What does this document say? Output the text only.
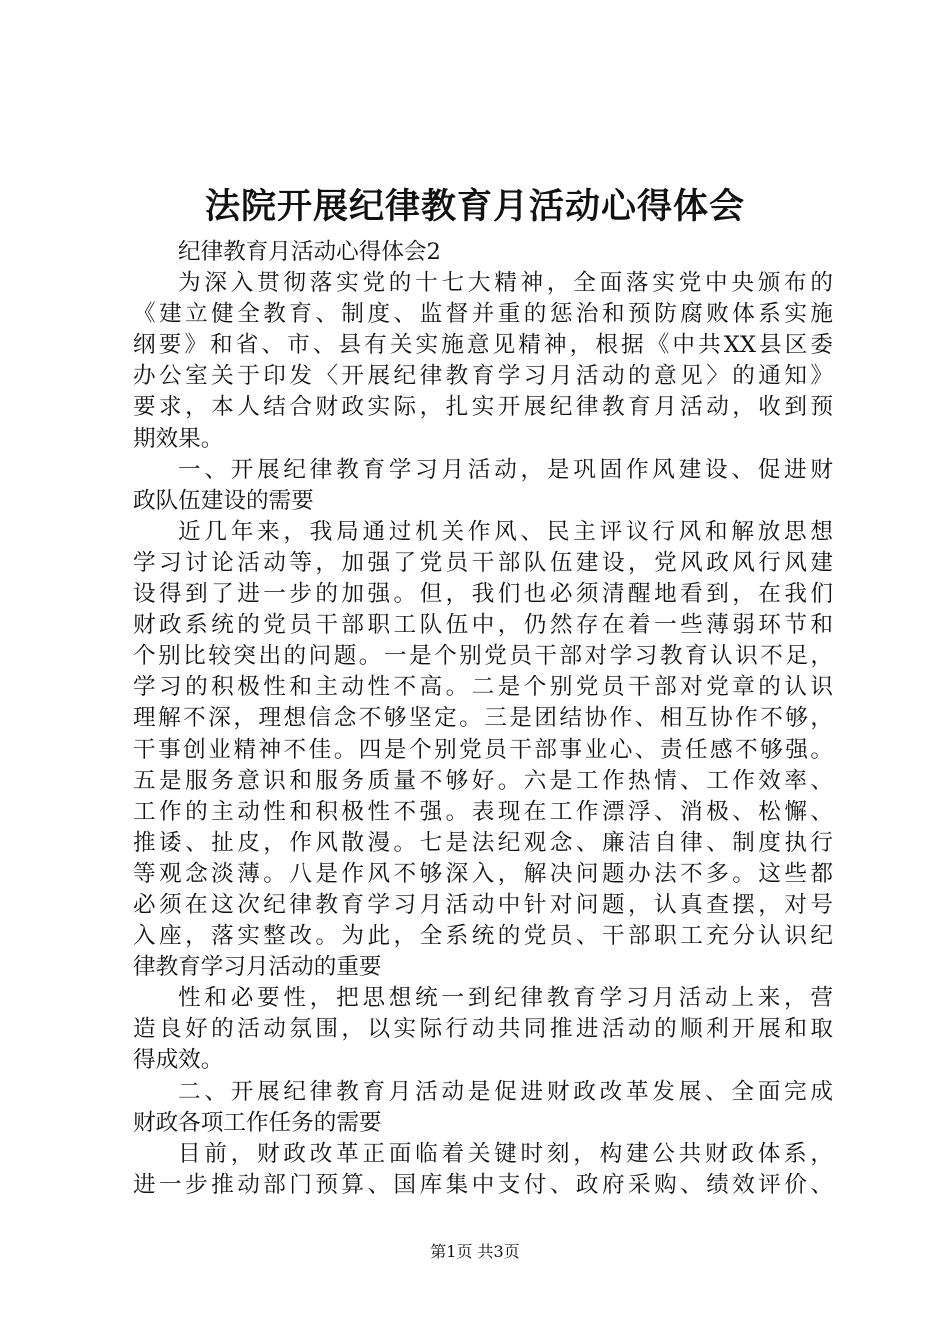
法院开展纪律教育月活动心得体会
纪律教育月活动心得体会2
为深入贯彻落实党的十七大精神，全面落实党中央颁布的
《建立健全教育、制度、监督并重的惩治和预防腐败体系实施
纲要》和省、市、县有关实施意见精神，根据《中共XX县区委
办公室关于印发〈开展纪律教育学习月活动的意见〉的通知》
要求，本人结合财政实际，扎实开展纪律教育月活动，收到预
期效果。
一、开展纪律教育学习月活动，是巩固作风建设、促进财
政队伍建设的需要
近几年来，我局通过机关作风、民主评议行风和解放思想
学习讨论活动等，加强了党员干部队伍建设，党风政风行风建
设得到了进一步的加强。但，我们也必须清醒地看到，在我们
财政系统的党员干部职工队伍中，仍然存在着一些薄弱环节和
个别比较突出的问题。一是个别党员干部对学习教育认识不足，
学习的积极性和主动性不高。二是个别党员干部对党章的认识
理解不深，理想信念不够坚定。三是团结协作、相互协作不够，
干事创业精神不佳。四是个别党员干部事业心、责任感不够强。
五是服务意识和服务质量不够好。六是工作热情、工作效率、
工作的主动性和积极性不强。表现在工作漂浮、消极、松懈、
推诿、扯皮，作风散漫。七是法纪观念、廉洁自律、制度执行
等观念淡薄。八是作风不够深入，解决问题办法不多。这些都
必须在这次纪律教育学习月活动中针对问题，认真查摆，对号
入座，落实整改。为此，全系统的党员、干部职工充分认识纪
律教育学习月活动的重要
性和必要性，把思想统一到纪律教育学习月活动上来，营
造良好的活动氛围，以实际行动共同推进活动的顺利开展和取
得成效。
二、开展纪律教育月活动是促进财政改革发展、全面完成
财政各项工作任务的需要
目前，财政改革正面临着关键时刻，构建公共财政体系，
进一步推动部门预算、国库集中支付、政府采购、绩效评价、
第1页 共3页
